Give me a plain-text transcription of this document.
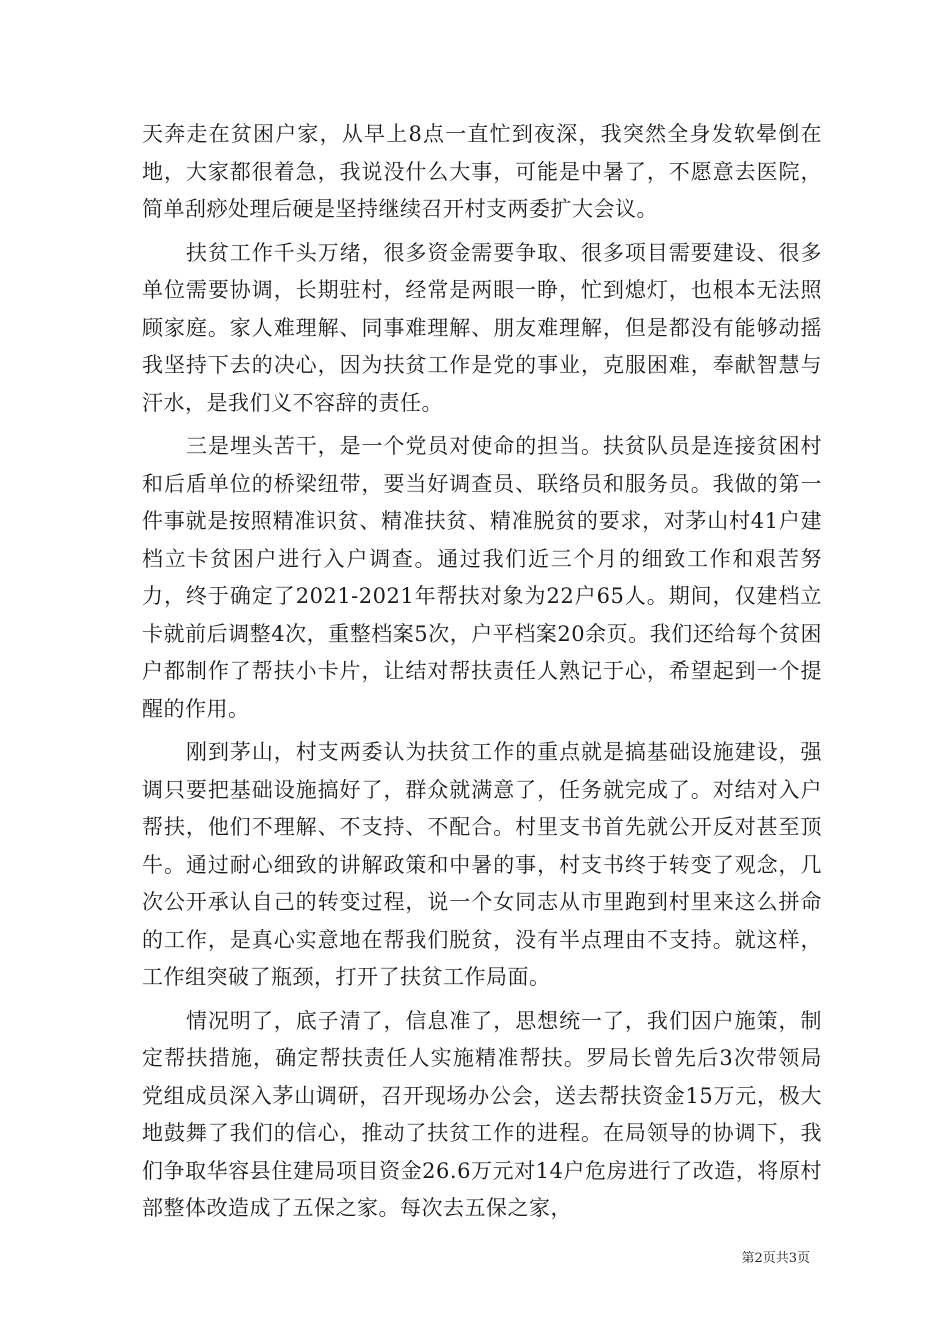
天奔走在贫困户家，从早上8点一直忙到夜深，我突然全身发软晕倒在地，大家都很着急，我说没什么大事，可能是中暑了，不愿意去医院，简单刮痧处理后硬是坚持继续召开村支两委扩大会议。

扶贫工作千头万绪，很多资金需要争取、很多项目需要建设、很多单位需要协调，长期驻村，经常是两眼一睁，忙到熄灯，也根本无法照顾家庭。家人难理解、同事难理解、朋友难理解，但是都没有能够动摇我坚持下去的决心，因为扶贫工作是党的事业，克服困难，奉献智慧与汗水，是我们义不容辞的责任。

三是埋头苦干，是一个党员对使命的担当。扶贫队员是连接贫困村和后盾单位的桥梁纽带，要当好调查员、联络员和服务员。我做的第一件事就是按照精准识贫、精准扶贫、精准脱贫的要求，对茅山村41户建档立卡贫困户进行入户调查。通过我们近三个月的细致工作和艰苦努力，终于确定了2021-2021年帮扶对象为22户65人。期间，仅建档立卡就前后调整4次，重整档案5次，户平档案20余页。我们还给每个贫困户都制作了帮扶小卡片，让结对帮扶责任人熟记于心，希望起到一个提醒的作用。

刚到茅山，村支两委认为扶贫工作的重点就是搞基础设施建设，强调只要把基础设施搞好了，群众就满意了，任务就完成了。对结对入户帮扶，他们不理解、不支持、不配合。村里支书首先就公开反对甚至顶牛。通过耐心细致的讲解政策和中暑的事，村支书终于转变了观念，几次公开承认自己的转变过程，说一个女同志从市里跑到村里来这么拼命的工作，是真心实意地在帮我们脱贫，没有半点理由不支持。就这样，工作组突破了瓶颈，打开了扶贫工作局面。

情况明了，底子清了，信息准了，思想统一了，我们因户施策，制定帮扶措施，确定帮扶责任人实施精准帮扶。罗局长曾先后3次带领局党组成员深入茅山调研，召开现场办公会，送去帮扶资金15万元，极大地鼓舞了我们的信心，推动了扶贫工作的进程。在局领导的协调下，我们争取华容县住建局项目资金26.6万元对14户危房进行了改造，将原村部整体改造成了五保之家。每次去五保之家，

第2页共3页
